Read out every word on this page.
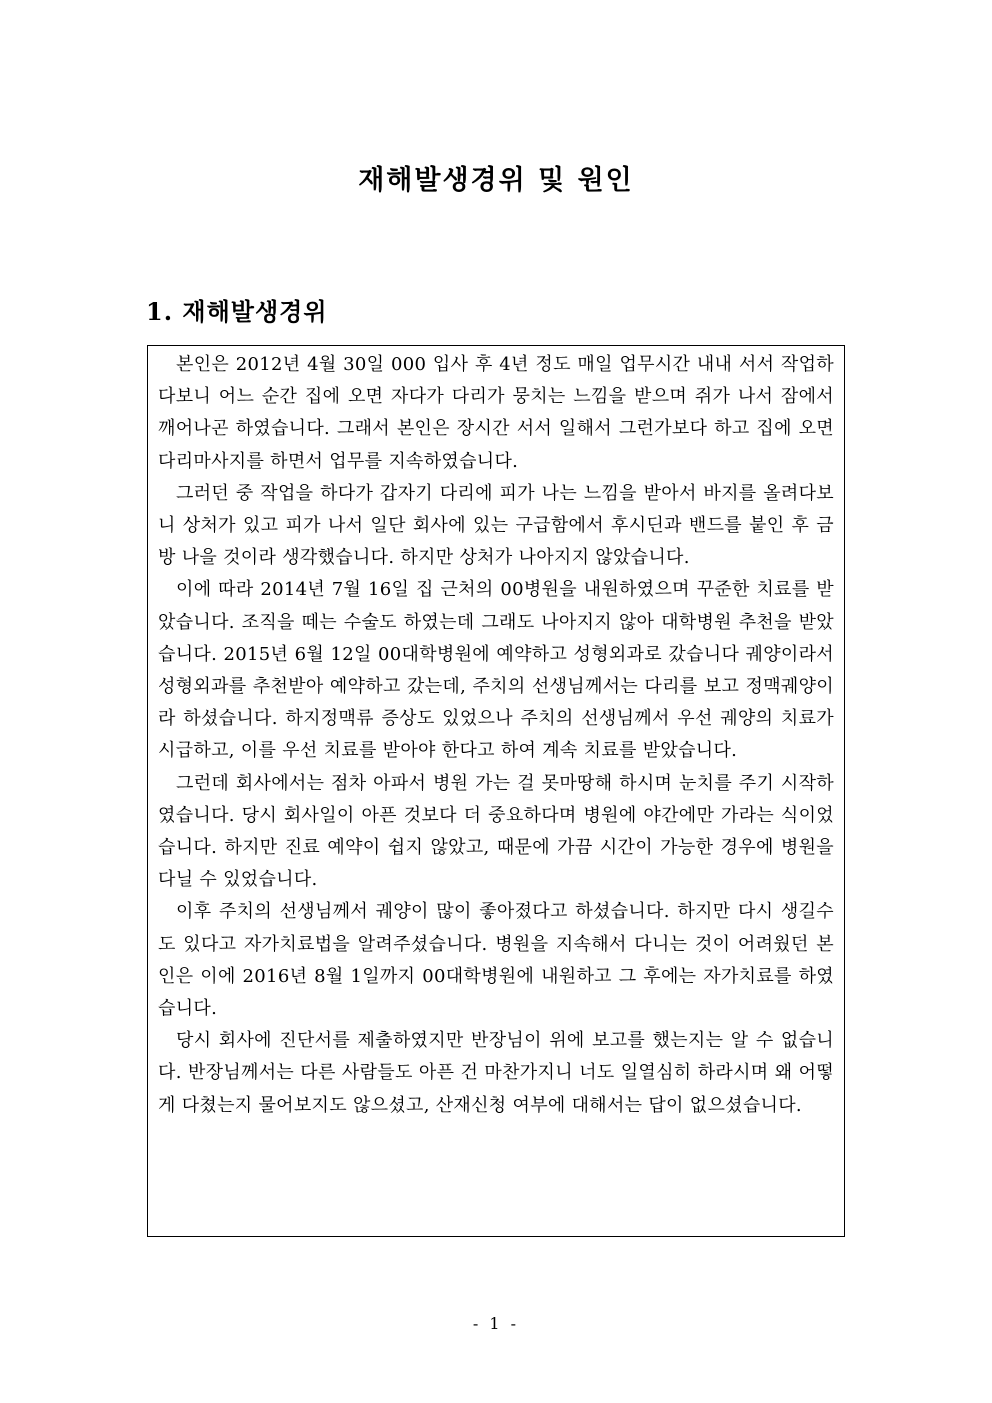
재해발생경위 및 원인
1. 재해발생경위

본인은 2012년 4월 30일 000 입사 후 4년 정도 매일 업무시간 내내 서서 작업하다보니 어느 순간 집에 오면 자다가 다리가 뭉치는 느낌을 받으며 쥐가 나서 잠에서 깨어나곤 하였습니다. 그래서 본인은 장시간 서서 일해서 그런가보다 하고 집에 오면 다리마사지를 하면서 업무를 지속하였습니다.

그러던 중 작업을 하다가 갑자기 다리에 피가 나는 느낌을 받아서 바지를 올려다보니 상처가 있고 피가 나서 일단 회사에 있는 구급함에서 후시딘과 밴드를 붙인 후 금방 나을 것이라 생각했습니다. 하지만 상처가 나아지지 않았습니다.

이에 따라 2014년 7월 16일 집 근처의 00병원을 내원하였으며 꾸준한 치료를 받았습니다. 조직을 떼는 수술도 하였는데 그래도 나아지지 않아 대학병원 추천을 받았습니다. 2015년 6월 12일 00대학병원에 예약하고 성형외과로 갔습니다 궤양이라서 성형외과를 추천받아 예약하고 갔는데, 주치의 선생님께서는 다리를 보고 정맥궤양이라 하셨습니다. 하지정맥류 증상도 있었으나 주치의 선생님께서 우선 궤양의 치료가 시급하고, 이를 우선 치료를 받아야 한다고 하여 계속 치료를 받았습니다.

그런데 회사에서는 점차 아파서 병원 가는 걸 못마땅해 하시며 눈치를 주기 시작하였습니다. 당시 회사일이 아픈 것보다 더 중요하다며 병원에 야간에만 가라는 식이었습니다. 하지만 진료 예약이 쉽지 않았고, 때문에 가끔 시간이 가능한 경우에 병원을 다닐 수 있었습니다.

이후 주치의 선생님께서 궤양이 많이 좋아졌다고 하셨습니다. 하지만 다시 생길수도 있다고 자가치료법을 알려주셨습니다. 병원을 지속해서 다니는 것이 어려웠던 본인은 이에 2016년 8월 1일까지 00대학병원에 내원하고 그 후에는 자가치료를 하였습니다.

당시 회사에 진단서를 제출하였지만 반장님이 위에 보고를 했는지는 알 수 없습니다. 반장님께서는 다른 사람들도 아픈 건 마찬가지니 너도 일열심히 하라시며 왜 어떻게 다쳤는지 물어보지도 않으셨고, 산재신청 여부에 대해서는 답이 없으셨습니다.

- 1 -
